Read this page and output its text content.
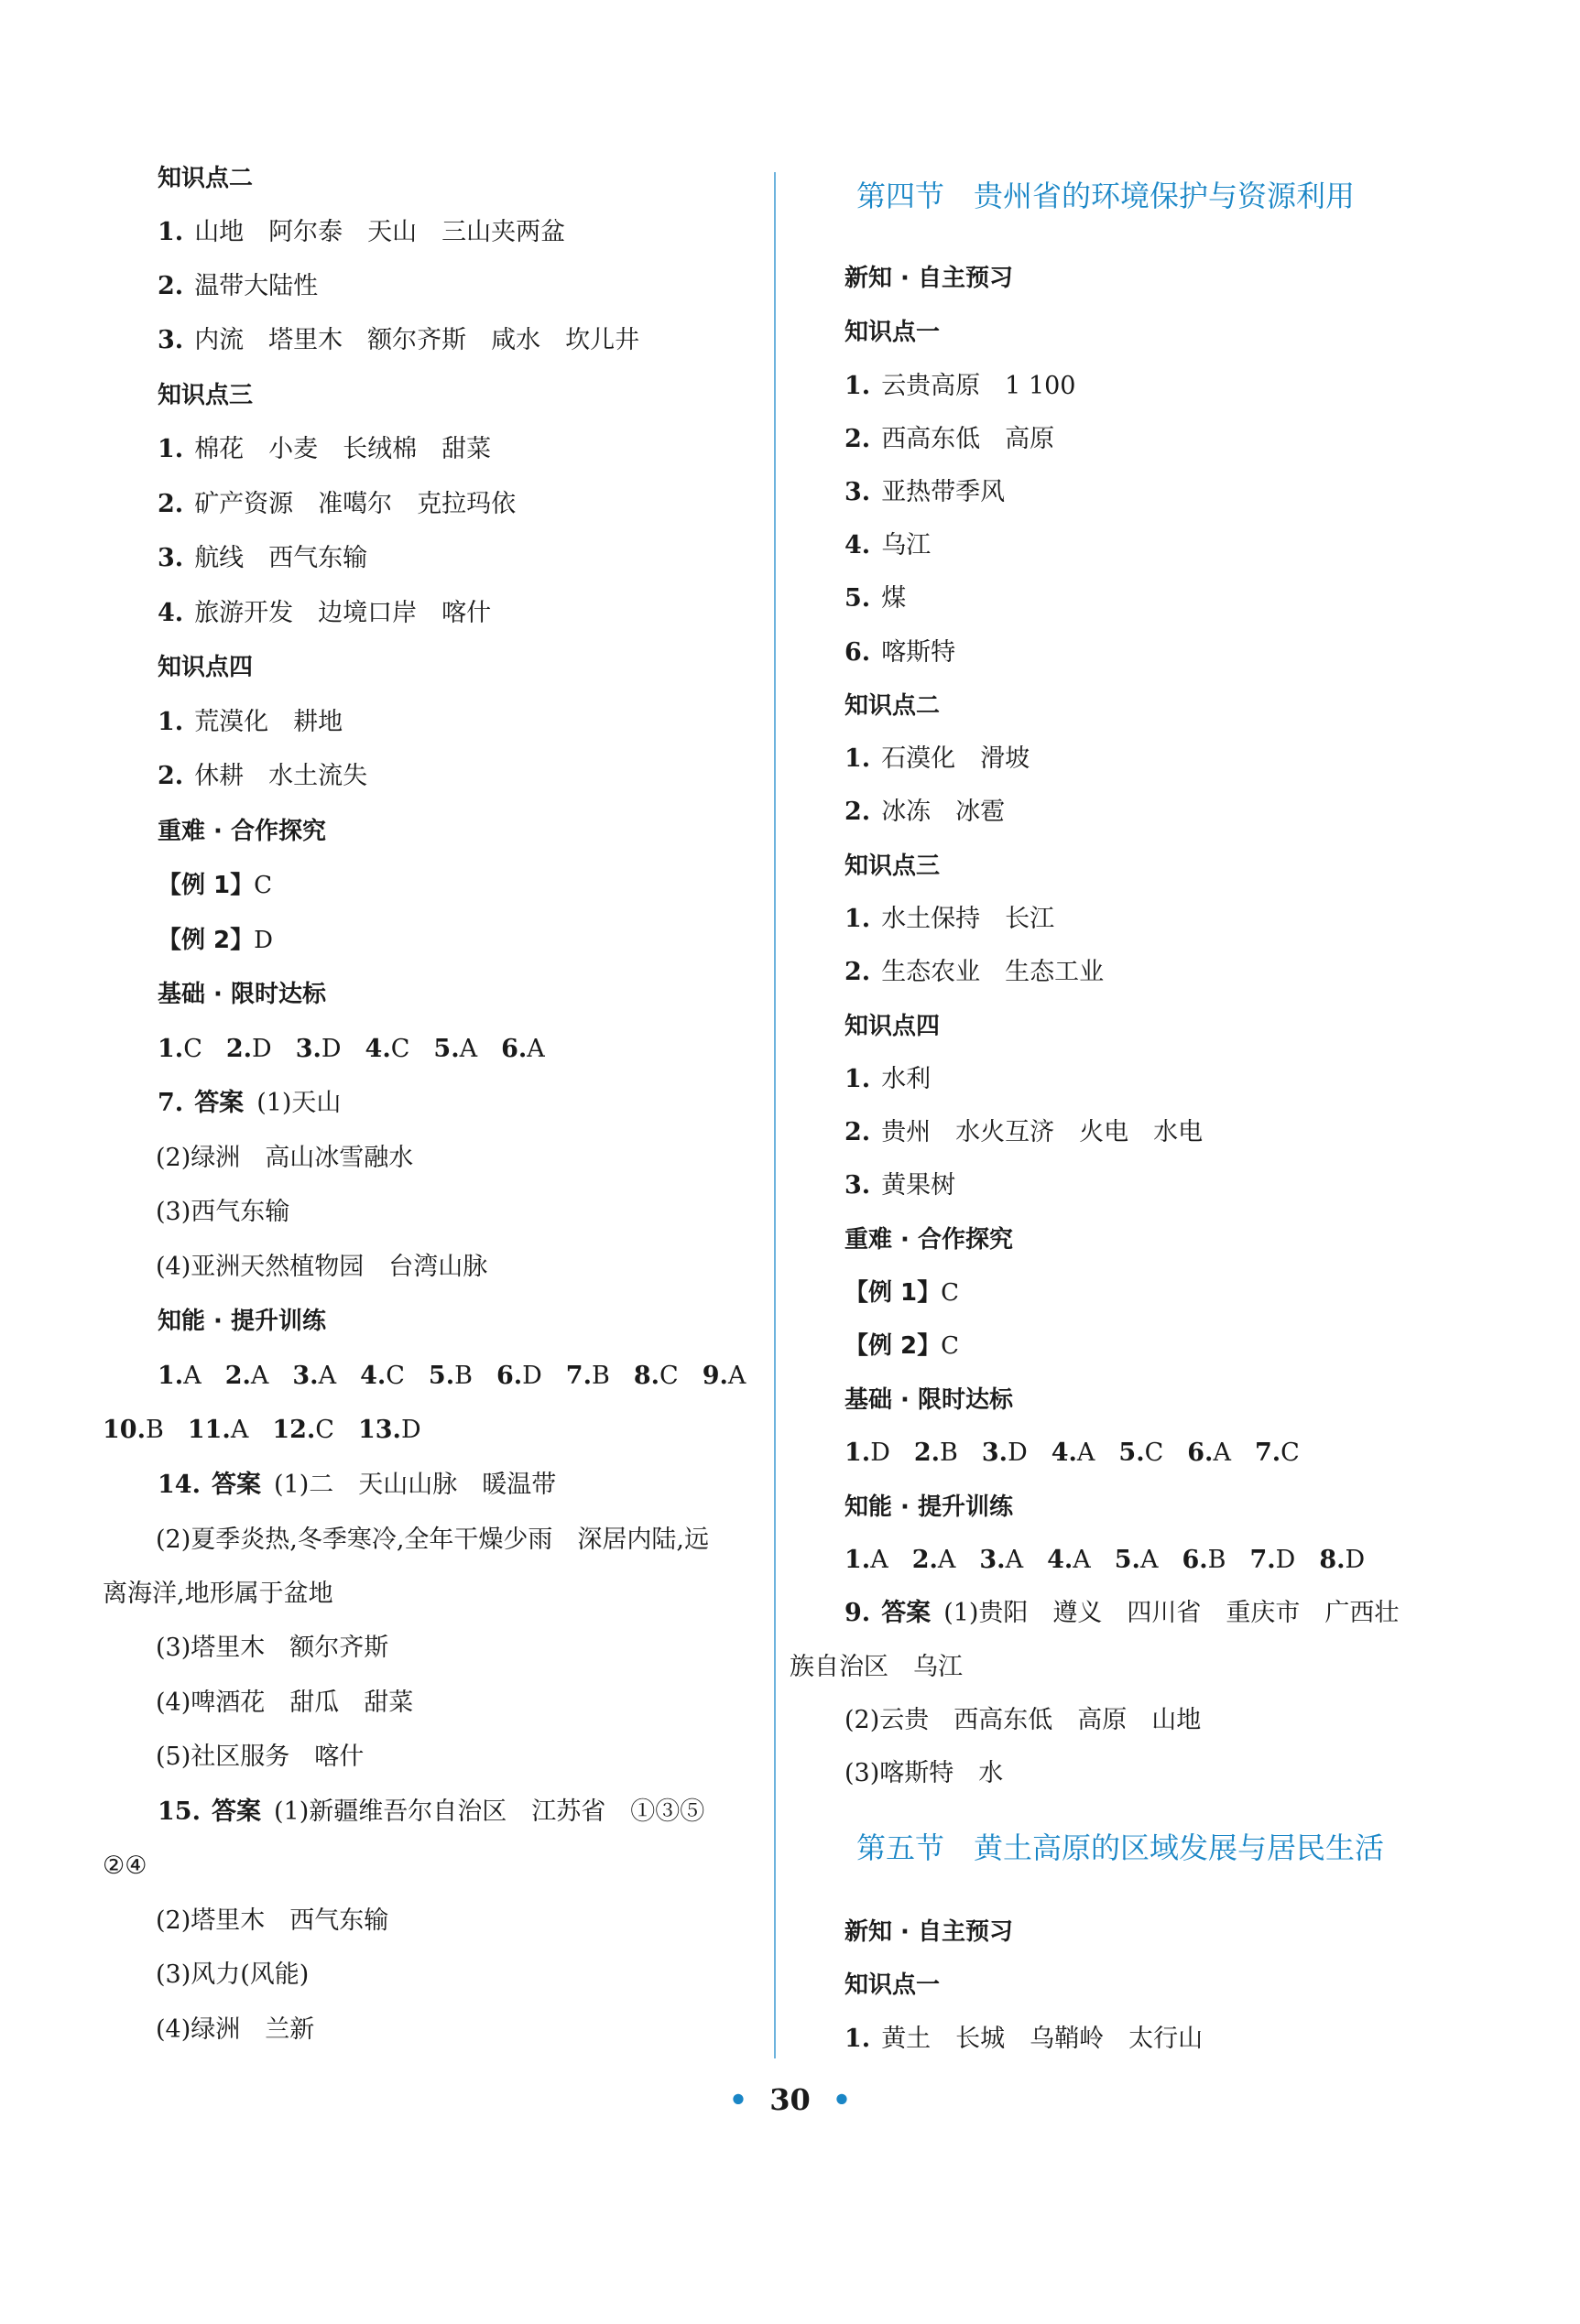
知识点二
1. 山地　阿尔泰　天山　三山夹两盆
2. 温带大陆性
3. 内流　塔里木　额尔齐斯　咸水　坎儿井
知识点三
1. 棉花　小麦　长绒棉　甜菜
2. 矿产资源　准噶尔　克拉玛依
3. 航线　西气东输
4. 旅游开发　边境口岸　喀什
知识点四
1. 荒漠化　耕地
2. 休耕　水土流失
重难 · 合作探究
【例 1】C
【例 2】D
基础 · 限时达标
1.C 2.D 3.D 4.C 5.A 6.A
7. 答案 (1)天山
(2)绿洲　高山冰雪融水
(3)西气东输
(4)亚洲天然植物园　台湾山脉
知能 · 提升训练
1.A 2.A 3.A 4.C 5.B 6.D 7.B 8.C 9.A
10.B 11.A 12.C 13.D
14. 答案 (1)二　天山山脉　暖温带
(2)夏季炎热,冬季寒冷,全年干燥少雨　深居内陆,远
离海洋,地形属于盆地
(3)塔里木　额尔齐斯
(4)啤酒花　甜瓜　甜菜
(5)社区服务　喀什
15. 答案 (1)新疆维吾尔自治区　江苏省　①③⑤
②④
(2)塔里木　西气东输
(3)风力(风能)
(4)绿洲　兰新
第四节　贵州省的环境保护与资源利用
新知 · 自主预习
知识点一
1. 云贵高原　1 100
2. 西高东低　高原
3. 亚热带季风
4. 乌江
5. 煤
6. 喀斯特
知识点二
1. 石漠化　滑坡
2. 冰冻　冰雹
知识点三
1. 水土保持　长江
2. 生态农业　生态工业
知识点四
1. 水利
2. 贵州　水火互济　火电　水电
3. 黄果树
重难 · 合作探究
【例 1】C
【例 2】C
基础 · 限时达标
1.D 2.B 3.D 4.A 5.C 6.A 7.C
知能 · 提升训练
1.A 2.A 3.A 4.A 5.A 6.B 7.D 8.D
9. 答案 (1)贵阳　遵义　四川省　重庆市　广西壮
族自治区　乌江
(2)云贵　西高东低　高原　山地
(3)喀斯特　水
第五节　黄土高原的区域发展与居民生活
新知 · 自主预习
知识点一
1. 黄土　长城　乌鞘岭　太行山
• 30 •
